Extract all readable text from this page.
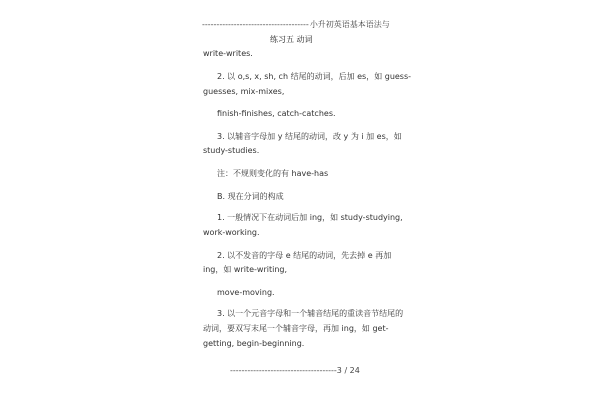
-------------------------------------小升初英语基本语法与
练习五 动词
write-writes.
2. 以 o,s, x, sh, ch 结尾的动词，后加 es，如 guess-
guesses, mix-mixes,
finish-finishes, catch-catches.
3. 以辅音字母加 y 结尾的动词，改 y 为 i 加 es，如
study-studies.
注：不规则变化的有 have-has
B. 现在分词的构成
1. 一般情况下在动词后加 ing，如 study-studying,
work-working.
2. 以不发音的字母 e 结尾的动词，先去掉 e 再加
ing，如 write-writing,
move-moving.
3. 以一个元音字母和一个辅音结尾的重读音节结尾的
动词，要双写末尾一个辅音字母，再加 ing，如 get-
getting, begin-beginning.
-------------------------------------3 / 24
